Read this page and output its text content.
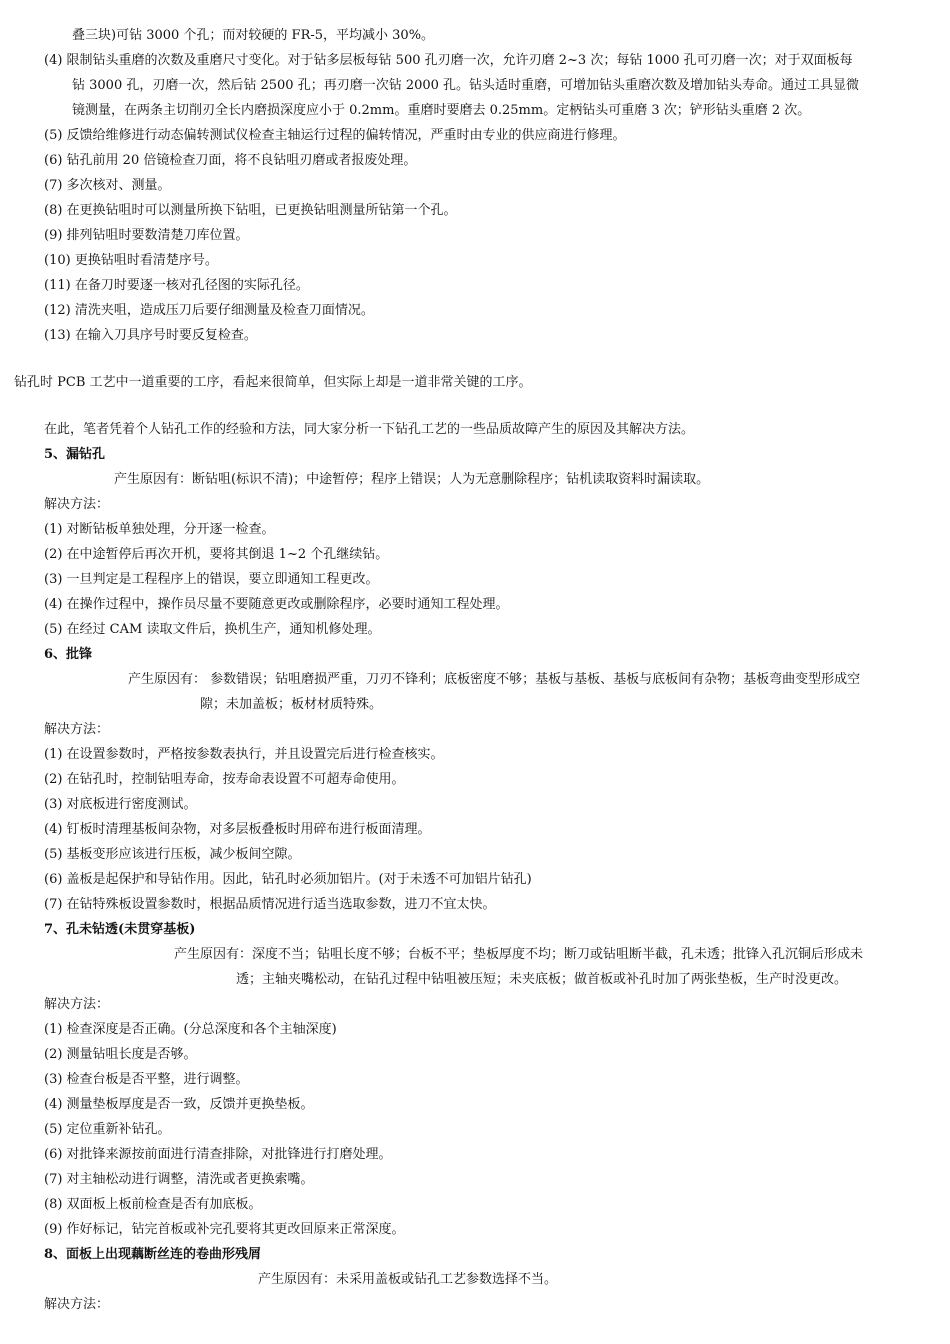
叠三块)可钻 3000 个孔；而对较硬的 FR-5，平均减小 30%。
(4) 限制钻头重磨的次数及重磨尺寸变化。对于钻多层板每钻 500 孔刃磨一次，允许刃磨 2~3 次；每钻 1000 孔可刃磨一次；对于双面板每
钻 3000 孔，刃磨一次，然后钻 2500 孔；再刃磨一次钻 2000 孔。钻头适时重磨，可增加钻头重磨次数及增加钻头寿命。通过工具显微
镜测量，在两条主切削刃全长内磨损深度应小于 0.2mm。重磨时要磨去 0.25mm。定柄钻头可重磨 3 次；铲形钻头重磨 2 次。
(5) 反馈给维修进行动态偏转测试仪检查主轴运行过程的偏转情况，严重时由专业的供应商进行修理。
(6) 钻孔前用 20 倍镜检查刀面，将不良钻咀刃磨或者报废处理。
(7) 多次核对、测量。
(8) 在更换钻咀时可以测量所换下钻咀，已更换钻咀测量所钻第一个孔。
(9) 排列钻咀时要数清楚刀库位置。
(10) 更换钻咀时看清楚序号。
(11) 在备刀时要逐一核对孔径图的实际孔径。
(12) 清洗夹咀，造成压刀后要仔细测量及检查刀面情况。
(13) 在输入刀具序号时要反复检查。
钻孔时 PCB 工艺中一道重要的工序，看起来很简单，但实际上却是一道非常关键的工序。
在此，笔者凭着个人钻孔工作的经验和方法，同大家分析一下钻孔工艺的一些品质故障产生的原因及其解决方法。
5、漏钻孔
产生原因有：断钻咀(标识不清)；中途暂停；程序上错误；人为无意删除程序；钻机读取资料时漏读取。
解决方法：
(1) 对断钻板单独处理，分开逐一检查。
(2) 在中途暂停后再次开机，要将其倒退 1~2 个孔继续钻。
(3) 一旦判定是工程程序上的错误，要立即通知工程更改。
(4) 在操作过程中，操作员尽量不要随意更改或删除程序，必要时通知工程处理。
(5) 在经过 CAM 读取文件后，换机生产，通知机修处理。
6、批锋
产生原因有： 参数错误；钻咀磨损严重，刀刃不锋利；底板密度不够；基板与基板、基板与底板间有杂物；基板弯曲变型形成空
隙；未加盖板；板材材质特殊。
解决方法：
(1) 在设置参数时，严格按参数表执行，并且设置完后进行检查核实。
(2) 在钻孔时，控制钻咀寿命，按寿命表设置不可超寿命使用。
(3) 对底板进行密度测试。
(4) 钉板时清理基板间杂物，对多层板叠板时用碎布进行板面清理。
(5) 基板变形应该进行压板，减少板间空隙。
(6) 盖板是起保护和导钻作用。因此，钻孔时必须加铝片。(对于未透不可加铝片钻孔)
(7) 在钻特殊板设置参数时，根据品质情况进行适当选取参数，进刀不宜太快。
7、孔未钻透(未贯穿基板)
产生原因有：深度不当；钻咀长度不够；台板不平；垫板厚度不均；断刀或钻咀断半截，孔未透；批锋入孔沉铜后形成未
透；主轴夹嘴松动，在钻孔过程中钻咀被压短；未夹底板；做首板或补孔时加了两张垫板，生产时没更改。
解决方法：
(1) 检查深度是否正确。(分总深度和各个主轴深度)
(2) 测量钻咀长度是否够。
(3) 检查台板是否平整，进行调整。
(4) 测量垫板厚度是否一致，反馈并更换垫板。
(5) 定位重新补钻孔。
(6) 对批锋来源按前面进行清查排除，对批锋进行打磨处理。
(7) 对主轴松动进行调整，清洗或者更换索嘴。
(8) 双面板上板前检查是否有加底板。
(9) 作好标记，钻完首板或补完孔要将其更改回原来正常深度。
8、面板上出现藕断丝连的卷曲形残屑
产生原因有：未采用盖板或钻孔工艺参数选择不当。
解决方法：
